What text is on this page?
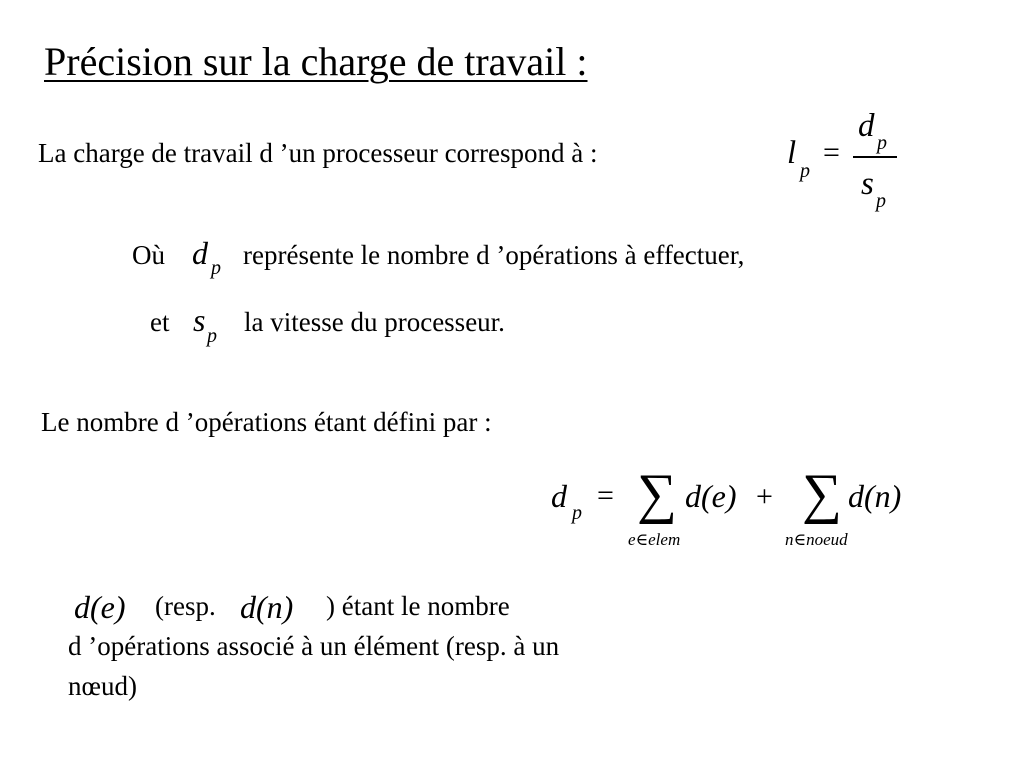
Précision sur la charge de travail :
La charge de travail d ’un processeur correspond à :	l p
=
d p
s p
Où d p représente le nombre d ’opérations à effectuer,
et s p la vitesse du processeur.
Le nombre d ’opérations étant défini par :
d p
= ∑
e∈elem
d(e) + ∑
n∈noeud
d(n)
d(e) (resp. d(n) ) étant le nombre
d ’opérations associé à un élément (resp. à un
nœud)
